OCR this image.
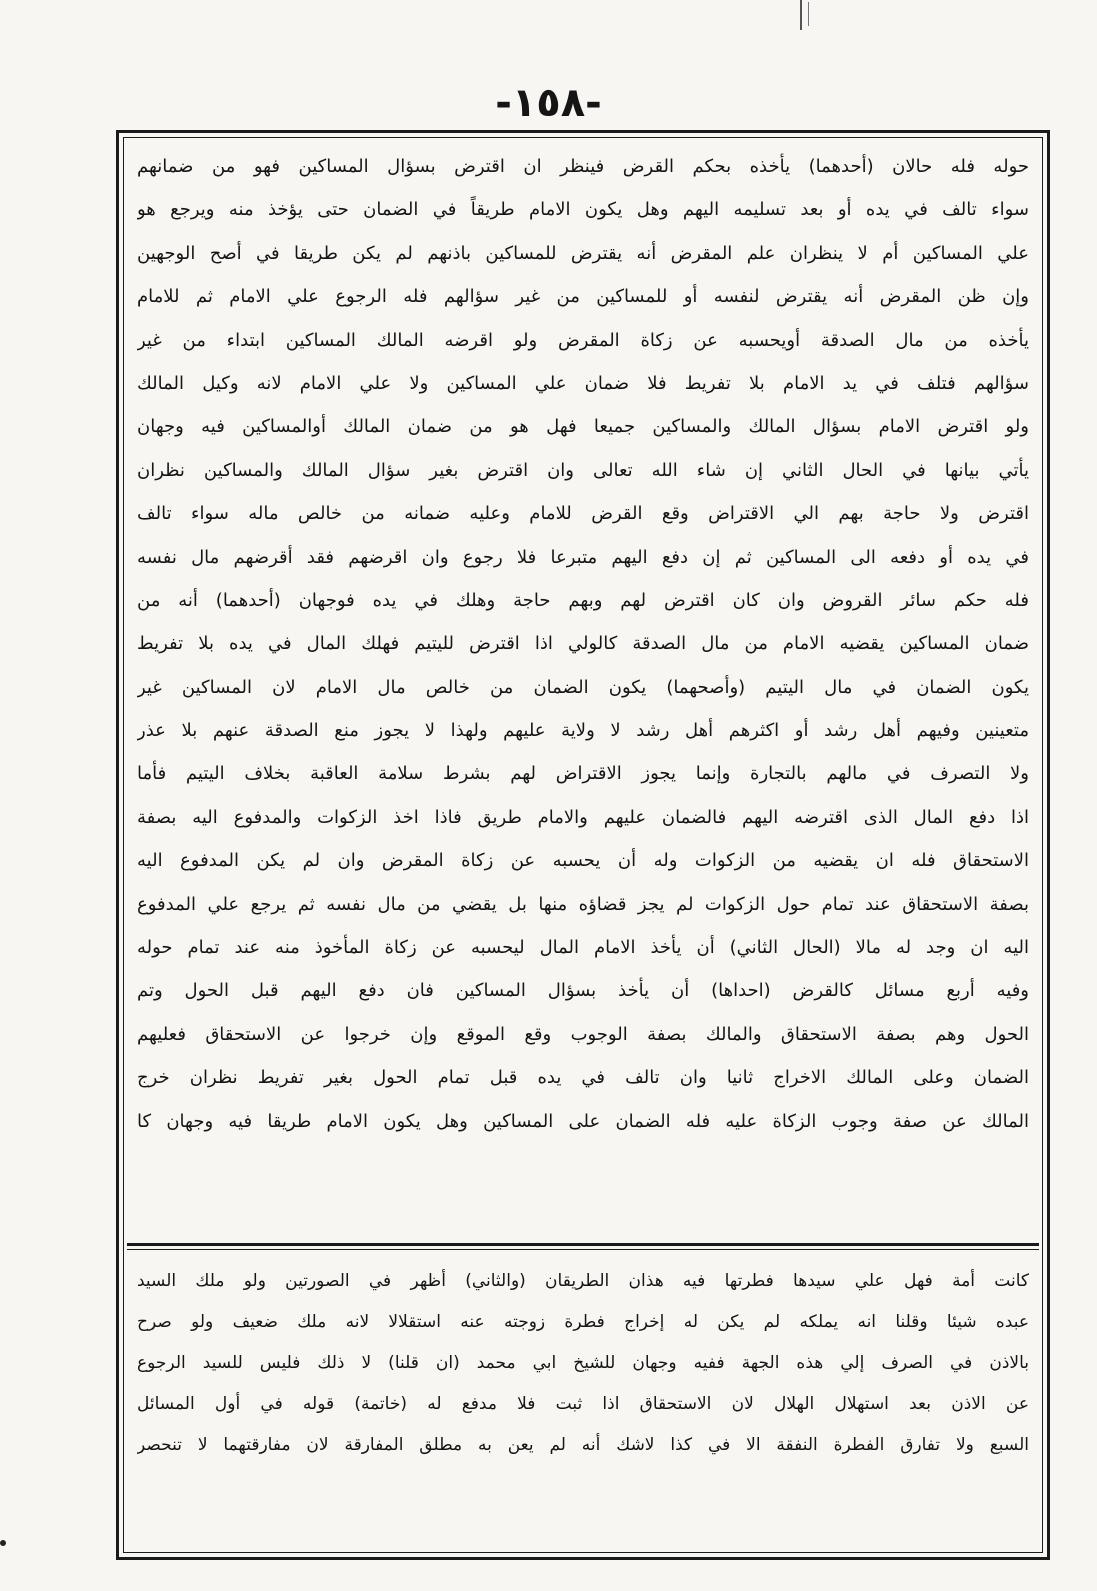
-١٥٨-
حوله فله حالان (أحدهما) يأخذه بحكم القرض فينظر ان اقترض بسؤال المساكين فهو من ضمانهم
سواء تالف في يده أو بعد تسليمه اليهم وهل يكون الامام طريقاً في الضمان حتى يؤخذ منه ويرجع هو
علي المساكين أم لا ينظران علم المقرض أنه يقترض للمساكين باذنهم لم يكن طريقا في أصح الوجهين
وإن ظن المقرض أنه يقترض لنفسه أو للمساكين من غير سؤالهم فله الرجوع علي الامام ثم للامام
يأخذه من مال الصدقة أويحسبه عن زكاة المقرض ولو اقرضه المالك المساكين ابتداء من غير
سؤالهم فتلف في يد الامام بلا تفريط فلا ضمان علي المساكين ولا علي الامام لانه وكيل المالك
ولو اقترض الامام بسؤال المالك والمساكين جميعا فهل هو من ضمان المالك أوالمساكين فيه وجهان
يأتي بيانها في الحال الثاني إن شاء الله تعالى وان اقترض بغير سؤال المالك والمساكين نظران
اقترض ولا حاجة بهم الي الاقتراض وقع القرض للامام وعليه ضمانه من خالص ماله سواء تالف
في يده أو دفعه الى المساكين ثم إن دفع اليهم متبرعا فلا رجوع وان اقرضهم فقد أقرضهم مال نفسه
فله حكم سائر القروض وان كان اقترض لهم وبهم حاجة وهلك في يده فوجهان (أحدهما) أنه من
ضمان المساكين يقضيه الامام من مال الصدقة كالولي اذا اقترض لليتيم فهلك المال في يده بلا تفريط
يكون الضمان في مال اليتيم (وأصحهما) يكون الضمان من خالص مال الامام لان المساكين غير
متعينين وفيهم أهل رشد أو اكثرهم أهل رشد لا ولاية عليهم ولهذا لا يجوز منع الصدقة عنهم بلا عذر
ولا التصرف في مالهم بالتجارة وإنما يجوز الاقتراض لهم بشرط سلامة العاقبة بخلاف اليتيم فأما
اذا دفع المال الذى اقترضه اليهم فالضمان عليهم والامام طريق فاذا اخذ الزكوات والمدفوع اليه بصفة
الاستحقاق فله ان يقضيه من الزكوات وله أن يحسبه عن زكاة المقرض وان لم يكن المدفوع اليه
بصفة الاستحقاق عند تمام حول الزكوات لم يجز قضاؤه منها بل يقضي من مال نفسه ثم يرجع علي المدفوع
اليه ان وجد له مالا (الحال الثاني) أن يأخذ الامام المال ليحسبه عن زكاة المأخوذ منه عند تمام حوله
وفيه أربع مسائل كالقرض (احداها) أن يأخذ بسؤال المساكين فان دفع اليهم قبل الحول وتم
الحول وهم بصفة الاستحقاق والمالك بصفة الوجوب وقع الموقع وإن خرجوا عن الاستحقاق فعليهم
الضمان وعلى المالك الاخراج ثانيا وان تالف في يده قبل تمام الحول بغير تفريط نظران خرج
المالك عن صفة وجوب الزكاة عليه فله الضمان على المساكين وهل يكون الامام طريقا فيه وجهان كا
كانت أمة فهل علي سيدها فطرتها فيه هذان الطريقان (والثاني) أظهر في الصورتين ولو ملك السيد
عبده شيئا وقلنا انه يملكه لم يكن له إخراج فطرة زوجته عنه استقلالا لانه ملك ضعيف ولو صرح
بالاذن في الصرف إلي هذه الجهة ففيه وجهان للشيخ ابي محمد (ان قلنا) لا ذلك فليس للسيد الرجوع
عن الاذن بعد استهلال الهلال لان الاستحقاق اذا ثبت فلا مدفع له (خاتمة) قوله في أول المسائل
السبع ولا تفارق الفطرة النفقة الا في كذا لاشك أنه لم يعن به مطلق المفارقة لان مفارقتهما لا تنحصر
